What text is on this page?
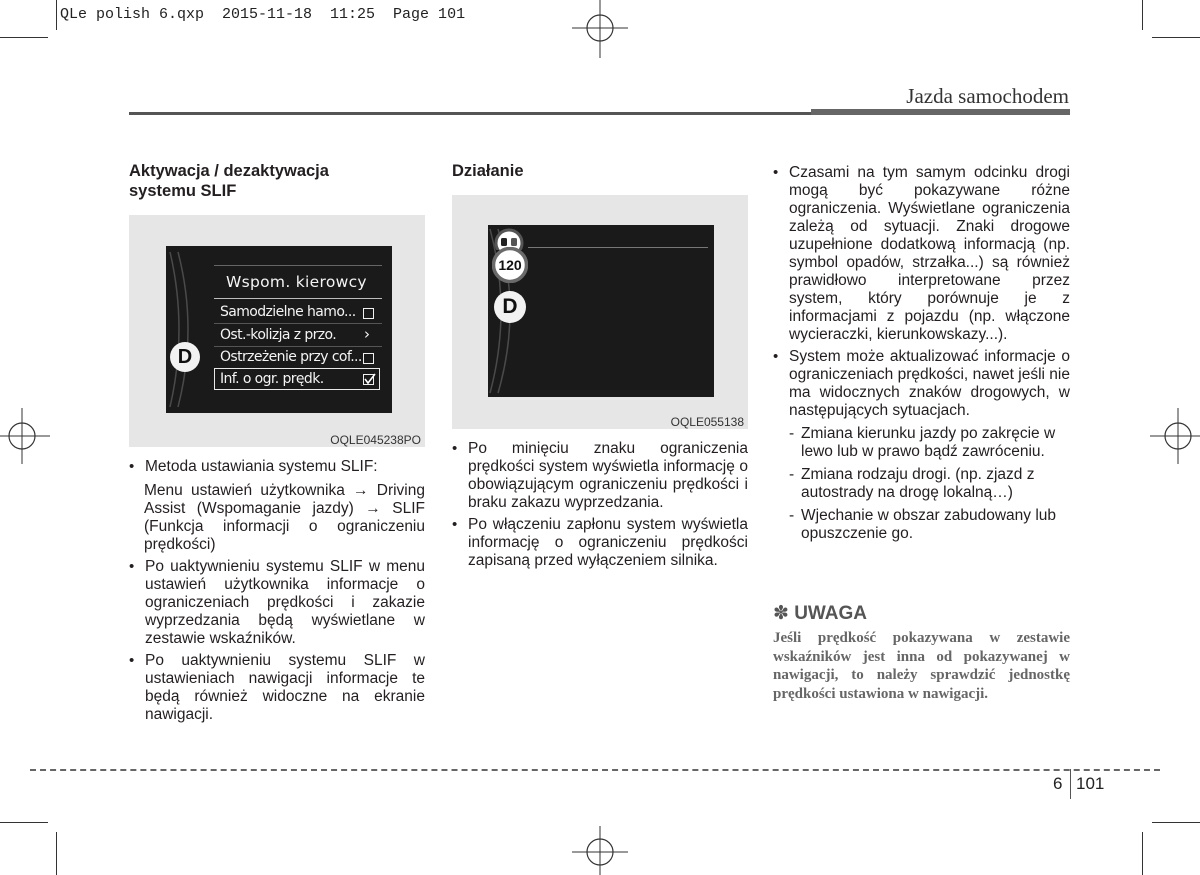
QLe polish 6.qxp  2015-11-18  11:25  Page 101
Jazda samochodem
Aktywacja / dezaktywacja systemu SLIF
D
Wspom. kierowcy
Samodzielne hamo...
Ost.-kolizja z przo. ›
Ostrzeżenie przy cof...
Inf. o ogr. prędk.
OQLE045238PO
• Metoda ustawiania systemu SLIF:
Menu ustawień użytkownika → Driving Assist (Wspomaganie jazdy) → SLIF (Funkcja informacji o ograniczeniu prędkości)
• Po uaktywnieniu systemu SLIF w menu ustawień użytkownika informacje o ograniczeniach prędkości i zakazie wyprzedzania będą wyświetlane w zestawie wskaźników.
• Po uaktywnieniu systemu SLIF w ustawieniach nawigacji informacje te będą również widoczne na ekranie nawigacji.
Działanie
120
D
OQLE055138
• Po minięciu znaku ograniczenia prędkości system wyświetla informację o obowiązującym ograniczeniu prędkości i braku zakazu wyprzedzania.
• Po włączeniu zapłonu system wyświetla informację o ograniczeniu prędkości zapisaną przed wyłączeniem silnika.
• Czasami na tym samym odcinku drogi mogą być pokazywane różne ograniczenia. Wyświetlane ograniczenia zależą od sytuacji. Znaki drogowe uzupełnione dodatkową informacją (np. symbol opadów, strzałka...) są również prawidłowo interpretowane przez system, który porównuje je z informacjami z pojazdu (np. włączone wycieraczki, kierunkowskazy...).
• System może aktualizować informacje o ograniczeniach prędkości, nawet jeśli nie ma widocznych znaków drogowych, w następujących sytuacjach.
- Zmiana kierunku jazdy po zakręcie w lewo lub w prawo bądź zawróceniu.
- Zmiana rodzaju drogi. (np. zjazd z autostrady na drogę lokalną…)
- Wjechanie w obszar zabudowany lub opuszczenie go.
✽ UWAGA
Jeśli prędkość pokazywana w zestawie wskaźników jest inna od pokazywanej w nawigacji, to należy sprawdzić jednostkę prędkości ustawiona w nawigacji.
6 101
